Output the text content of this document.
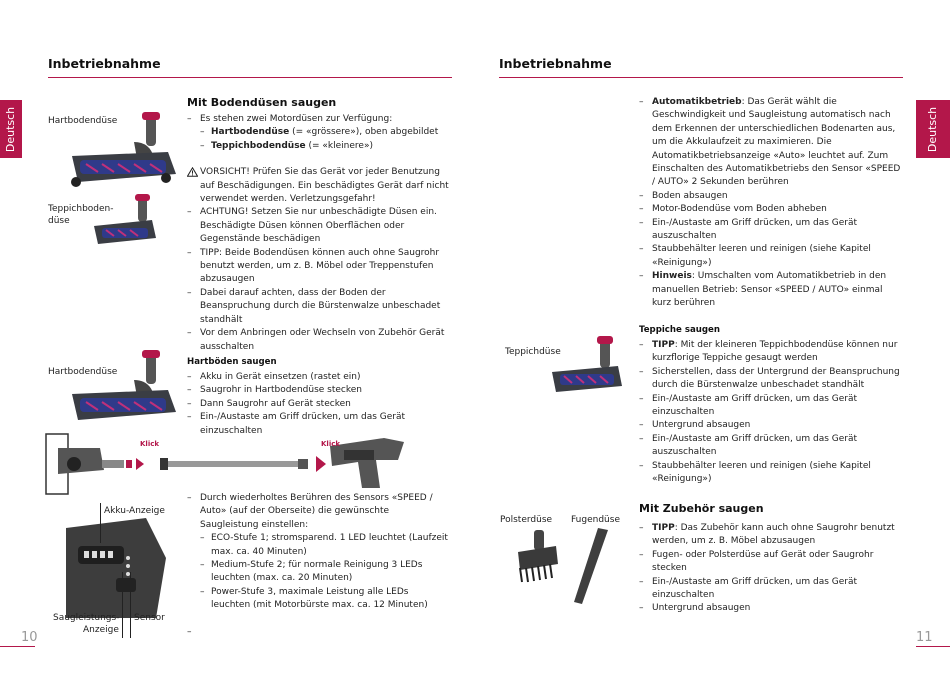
Inbetriebnahme
Deutsch
10
Hartbodendüse
Teppichboden-
düse
Hartbodendüse
Klick	Klick
Akku-Anzeige
Saugleistungs-
Anzeige
Sensor
Mit Bodendüsen saugen
– Es stehen zwei Motordüsen zur Verfügung:
– Hartbodendüse (= «grössere»), oben abgebildet
– Teppichbodendüse (= «kleinere»)
VORSICHT! Prüfen Sie das Gerät vor jeder Benutzung auf Beschädigungen. Ein beschädigtes Gerät darf nicht verwendet werden. Verletzungsgefahr!
– ACHTUNG! Setzen Sie nur unbeschädigte Düsen ein. Beschädigte Düsen können Oberflächen oder Gegenstände beschädigen
– TIPP: Beide Bodendüsen können auch ohne Saugrohr benutzt werden, um z. B. Möbel oder Treppenstufen abzusaugen
– Dabei darauf achten, dass der Boden der Beanspruchung durch die Bürstenwalze unbeschadet standhält
– Vor dem Anbringen oder Wechseln von Zubehör Gerät ausschalten
Hartböden saugen
– Akku in Gerät einsetzen (rastet ein)
– Saugrohr in Hartbodendüse stecken
– Dann Saugrohr auf Gerät stecken
– Ein-/Austaste am Griff drücken, um das Gerät einzuschalten
– Durch wiederholtes Berühren des Sensors «SPEED / Auto» (auf der Oberseite) die gewünschte Saugleistung einstellen:
– ECO-Stufe 1; stromsparend. 1 LED leuchtet (Laufzeit max. ca. 40 Minuten)
– Medium-Stufe 2; für normale Reinigung 3 LEDs leuchten (max. ca. 20 Minuten)
– Power-Stufe 3, maximale Leistung alle LEDs leuchten (mit Motorbürste max. ca. 12 Minuten)
–
Inbetriebnahme
Deutsch
11
– Automatikbetrieb: Das Gerät wählt die Geschwindigkeit und Saugleistung automatisch nach dem Erkennen der unterschiedlichen Bodenarten aus, um die Akkulaufzeit zu maximieren. Die Automatikbetriebsanzeige «Auto» leuchtet auf. Zum Einschalten des Automatikbetriebs den Sensor «SPEED / AUTO» 2 Sekunden berühren
– Boden absaugen
– Motor-Bodendüse vom Boden abheben
– Ein-/Austaste am Griff drücken, um das Gerät auszuschalten
– Staubbehälter leeren und reinigen (siehe Kapitel «Reinigung»)
– Hinweis: Umschalten vom Automatikbetrieb in den manuellen Betrieb: Sensor «SPEED / AUTO» einmal kurz berühren
Teppiche saugen
– TIPP: Mit der kleineren Teppichbodendüse können nur kurzflorige Teppiche gesaugt werden
– Sicherstellen, dass der Untergrund der Beanspruchung durch die Bürstenwalze unbeschadet standhält
– Ein-/Austaste am Griff drücken, um das Gerät einzuschalten
– Untergrund absaugen
– Ein-/Austaste am Griff drücken, um das Gerät auszuschalten
– Staubbehälter leeren und reinigen (siehe Kapitel «Reinigung»)
Mit Zubehör saugen
– TIPP: Das Zubehör kann auch ohne Saugrohr benutzt werden, um z. B. Möbel abzusaugen
– Fugen- oder Polsterdüse auf Gerät oder Saugrohr stecken
– Ein-/Austaste am Griff drücken, um das Gerät einzuschalten
– Untergrund absaugen
Teppichdüse
Polsterdüse Fugendüse
